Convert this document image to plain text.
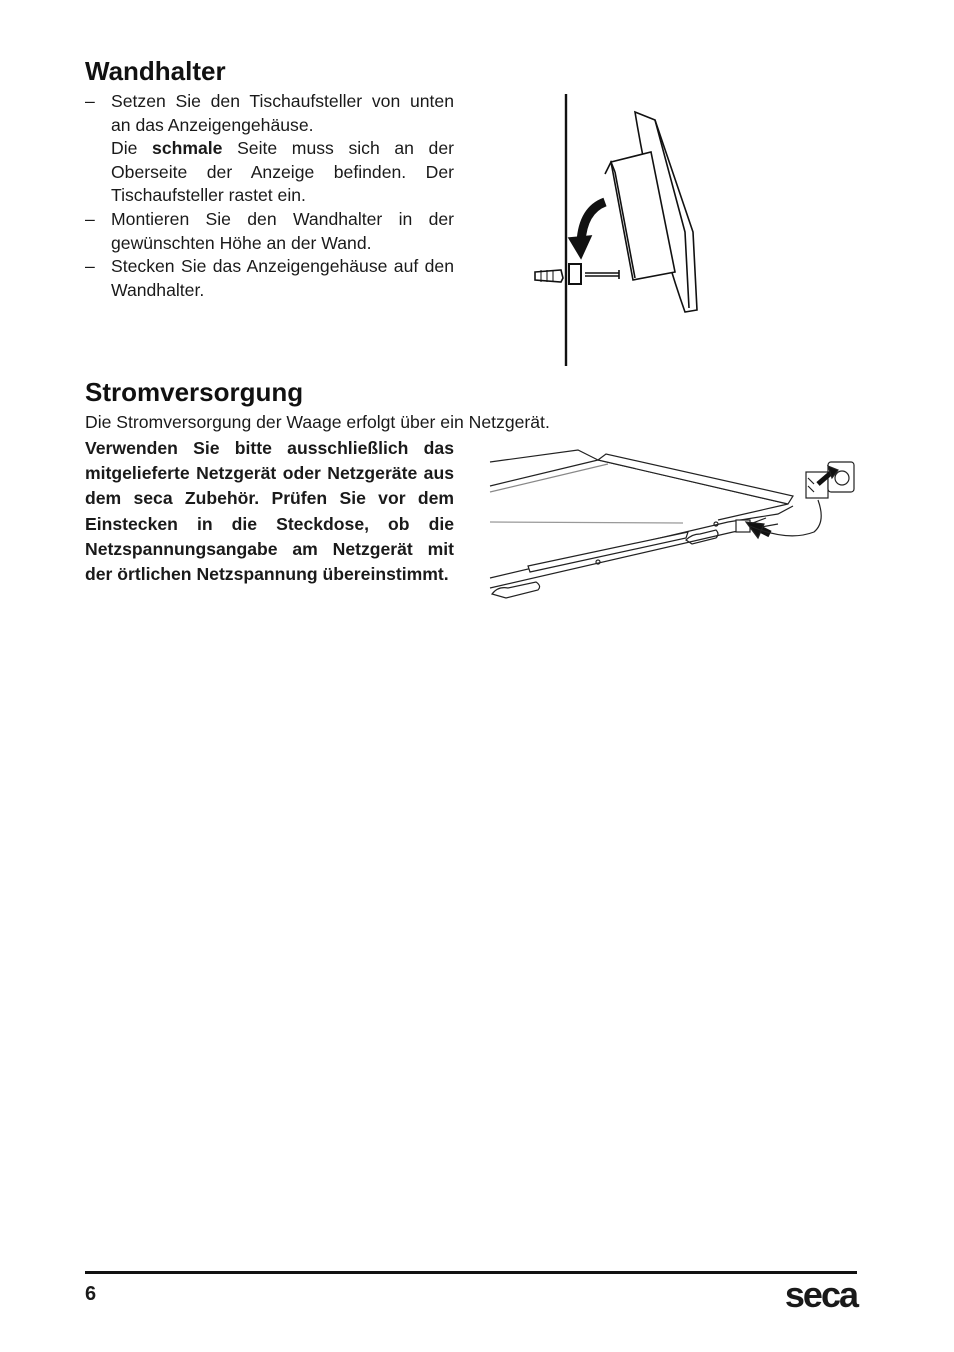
Wandhalter
– Setzen Sie den Tischaufsteller von unten an das Anzeigengehäuse.
Die schmale Seite muss sich an der Oberseite der Anzeige befinden. Der Tischaufsteller rastet ein.
– Montieren Sie den Wandhalter in der gewünschten Höhe an der Wand.
– Stecken Sie das Anzeigengehäuse auf den Wandhalter.
Stromversorgung
Die Stromversorgung der Waage erfolgt über ein Netzgerät.
Verwenden Sie bitte ausschließlich das mitgelieferte Netzgerät oder Netzgeräte aus dem seca Zubehör. Prüfen Sie vor dem Einstecken in die Steckdose, ob die Netzspannungsangabe am Netzgerät mit der örtlichen Netzspannung übereinstimmt.
6	seca
